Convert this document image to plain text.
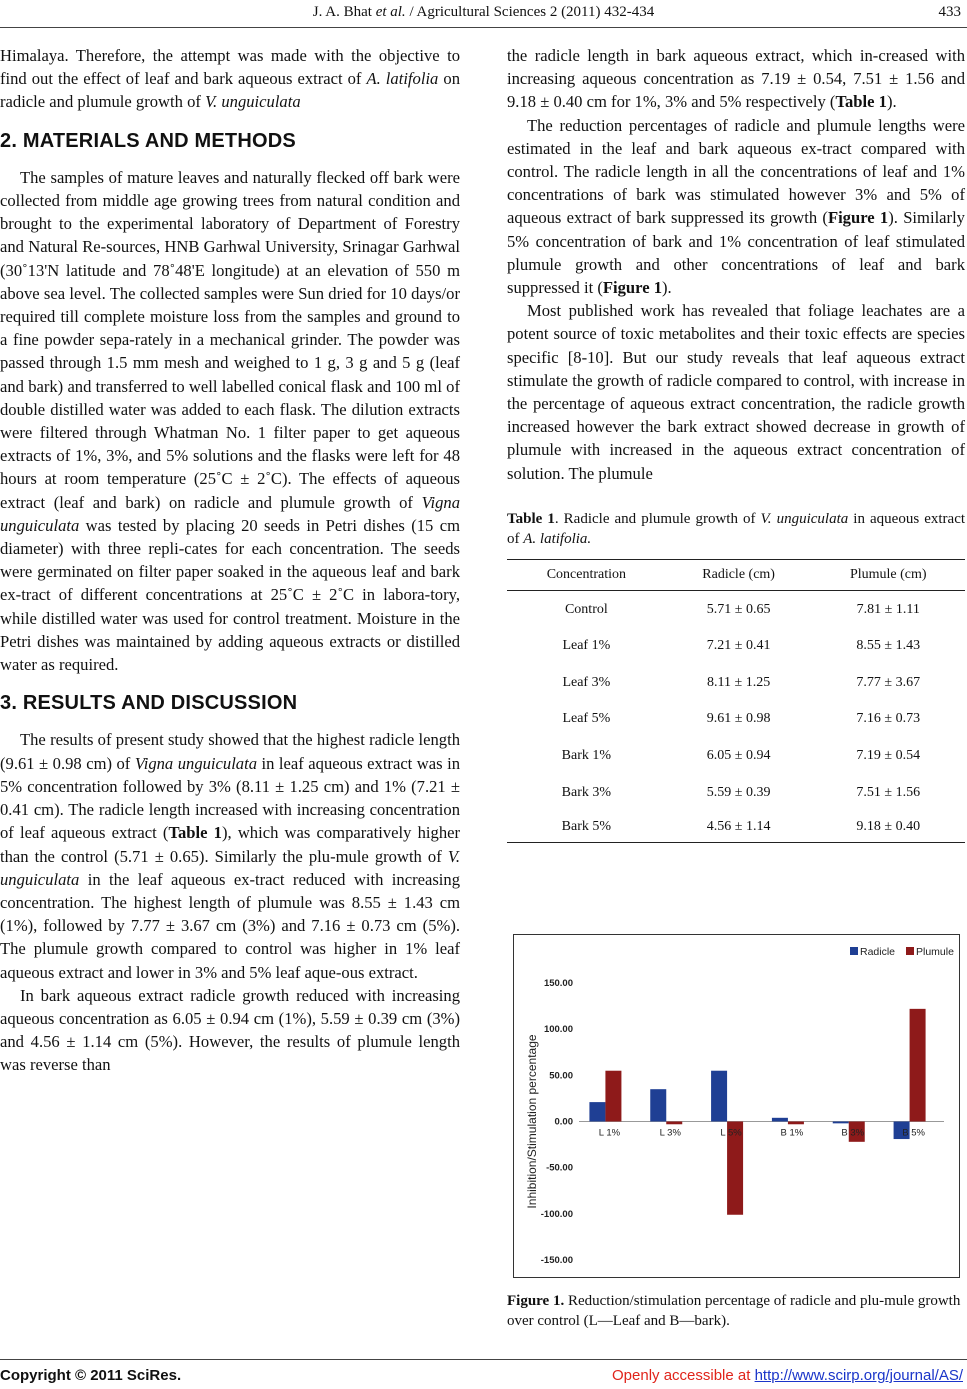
J. A. Bhat et al. / Agricultural Sciences 2 (2011) 432-434	433

Himalaya. Therefore, the attempt was made with the objective to find out the effect of leaf and bark aqueous extract of A. latifolia on radicle and plumule growth of V. unguiculata

2. MATERIALS AND METHODS

The samples of mature leaves and naturally flecked off bark were collected from middle age growing trees from natural condition and brought to the experimental laboratory of Department of Forestry and Natural Re-sources, HNB Garhwal University, Srinagar Garhwal (30˚13'N latitude and 78˚48'E longitude) at an elevation of 550 m above sea level. The collected samples were Sun dried for 10 days/or required till complete moisture loss from the samples and ground to a fine powder sepa-rately in a mechanical grinder. The powder was passed through 1.5 mm mesh and weighed to 1 g, 3 g and 5 g (leaf and bark) and transferred to well labelled conical flask and 100 ml of double distilled water was added to each flask. The dilution extracts were filtered through Whatman No. 1 filter paper to get aqueous extracts of 1%, 3%, and 5% solutions and the flasks were left for 48 hours at room temperature (25˚C ± 2˚C). The effects of aqueous extract (leaf and bark) on radicle and plumule growth of Vigna unguiculata was tested by placing 20 seeds in Petri dishes (15 cm diameter) with three repli-cates for each concentration. The seeds were germinated on filter paper soaked in the aqueous leaf and bark ex-tract of different concentrations at 25˚C ± 2˚C in labora-tory, while distilled water was used for control treatment. Moisture in the Petri dishes was maintained by adding aqueous extracts or distilled water as required.

3. RESULTS AND DISCUSSION

The results of present study showed that the highest radicle length (9.61 ± 0.98 cm) of Vigna unguiculata in leaf aqueous extract was in 5% concentration followed by 3% (8.11 ± 1.25 cm) and 1% (7.21 ± 0.41 cm). The radicle length increased with increasing concentration of leaf aqueous extract (Table 1), which was comparatively higher than the control (5.71 ± 0.65). Similarly the plu-mule growth of V. unguiculata in the leaf aqueous ex-tract reduced with increasing concentration. The highest length of plumule was 8.55 ± 1.43 cm (1%), followed by 7.77 ± 3.67 cm (3%) and 7.16 ± 0.73 cm (5%). The plumule growth compared to control was higher in 1% leaf aqueous extract and lower in 3% and 5% leaf aque-ous extract.

In bark aqueous extract radicle growth reduced with increasing aqueous concentration as 6.05 ± 0.94 cm (1%), 5.59 ± 0.39 cm (3%) and 4.56 ± 1.14 cm (5%). However, the results of plumule length was reverse than

the radicle length in bark aqueous extract, which in-creased with increasing aqueous concentration as 7.19 ± 0.54, 7.51 ± 1.56 and 9.18 ± 0.40 cm for 1%, 3% and 5% respectively (Table 1).

The reduction percentages of radicle and plumule lengths were estimated in the leaf and bark aqueous ex-tract compared with control. The radicle length in all the concentrations of leaf and 1% concentrations of bark was stimulated however 3% and 5% of aqueous extract of bark suppressed its growth (Figure 1). Similarly 5% concentration of bark and 1% concentration of leaf stimulated plumule growth and other concentrations of leaf and bark suppressed it (Figure 1).

Most published work has revealed that foliage leachates are a potent source of toxic metabolites and their toxic effects are species specific [8-10]. But our study reveals that leaf aqueous extract stimulate the growth of radicle compared to control, with increase in the percentage of aqueous extract concentration, the radicle growth increased however the bark extract showed decrease in growth of plumule with increased in the aqueous extract concentration of solution. The plumule

Table 1. Radicle and plumule growth of V. unguiculata in aqueous extract of A. latifolia.
Concentration	Radicle (cm)	Plumule (cm)
Control	5.71 ± 0.65	7.81 ± 1.11
Leaf 1%	7.21 ± 0.41	8.55 ± 1.43
Leaf 3%	8.11 ± 1.25	7.77 ± 3.67
Leaf 5%	9.61 ± 0.98	7.16 ± 0.73
Bark 1%	6.05 ± 0.94	7.19 ± 0.54
Bark 3%	5.59 ± 0.39	7.51 ± 1.56
Bark 5%	4.56 ± 1.14	9.18 ± 0.40
150.00
100.00
50.00
0.00
-50.00
-100.00
-150.00
Inhibition/Stimulation percentage	L 1%	L 3%	L 5%	B 1%	B 3%	B 5%
Radicle Plumule
Figure 1. Reduction/stimulation percentage of radicle and plu-mule growth over control (L—Leaf and B—bark).
Copyright © 2011 SciRes.	Openly accessible at http://www.scirp.org/journal/AS/
